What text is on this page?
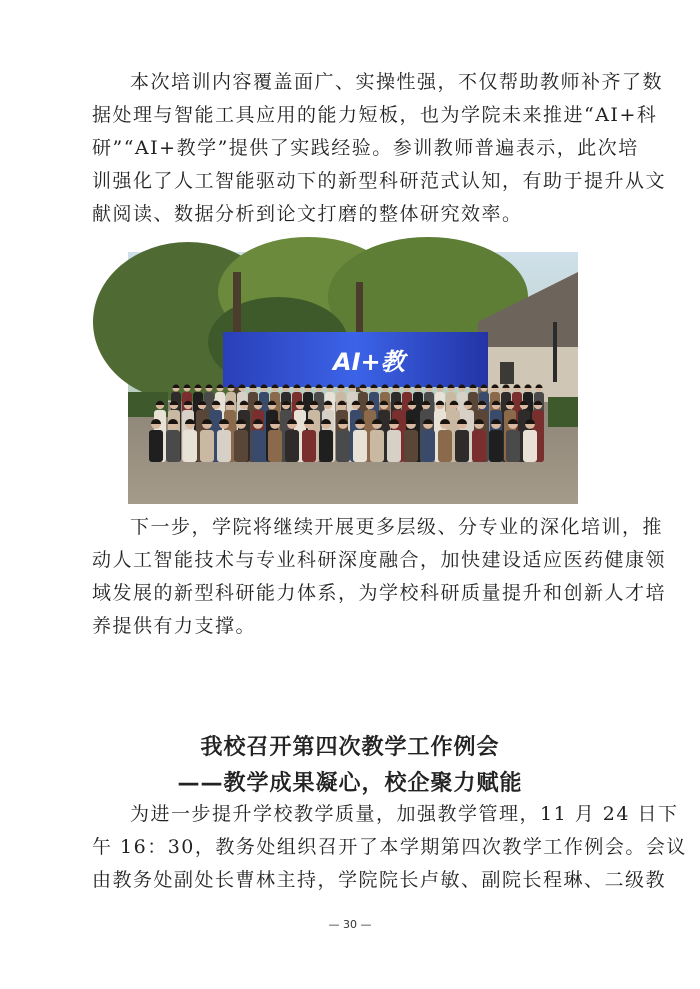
本次培训内容覆盖面广、实操性强，不仅帮助教师补齐了数
据处理与智能工具应用的能力短板，也为学院未来推进“AI+科
研”“AI+教学”提供了实践经验。参训教师普遍表示，此次培
训强化了人工智能驱动下的新型科研范式认知，有助于提升从文
献阅读、数据分析到论文打磨的整体研究效率。
AI+教
下一步，学院将继续开展更多层级、分专业的深化培训，推
动人工智能技术与专业科研深度融合，加快建设适应医药健康领
域发展的新型科研能力体系，为学校科研质量提升和创新人才培
养提供有力支撑。
我校召开第四次教学工作例会
——教学成果凝心，校企聚力赋能
为进一步提升学校教学质量，加强教学管理，11 月 24 日下
午 16：30，教务处组织召开了本学期第四次教学工作例会。会议
由教务处副处长曹林主持，学院院长卢敏、副院长程琳、二级教
— 30 —
